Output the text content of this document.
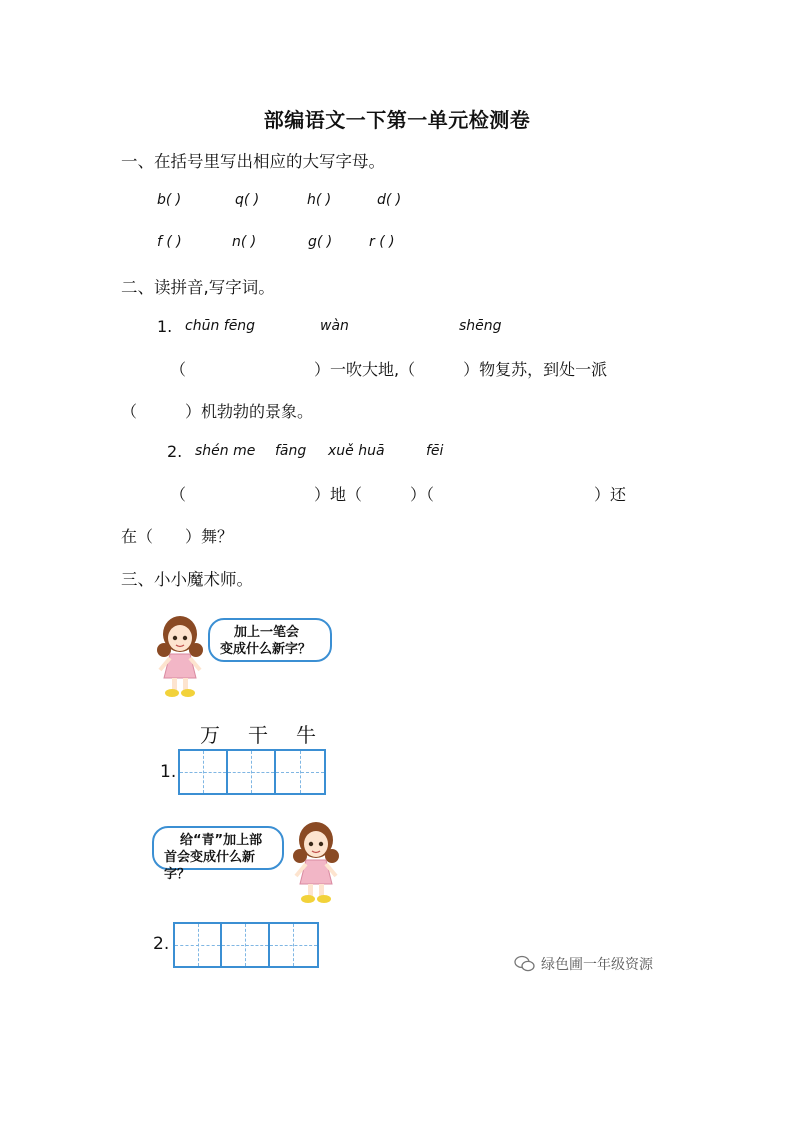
部编语文一下第一单元检测卷
一、在括号里写出相应的大写字母。
b( )	q( )	h( )	d( )
f ( )	n( )	g( )	r ( )
二、读拼音,写字词。
1. chūn fēng	wàn	shēng
（　　　　　　　　）一吹大地,（　　　）物复苏，到处一派
（　　　）机勃勃的景象。
2. shén me fāng xuě huā	fēi
（　　　　　　　　）地（　　　）（　　　　　　　　　　）还
在（　　）舞？
三、小小魔术师。
加上一笔会
变成什么新字？
万 干 牛
1.
给“青”加上部
首会变成什么新字？
2.
绿色圃一年级资源
